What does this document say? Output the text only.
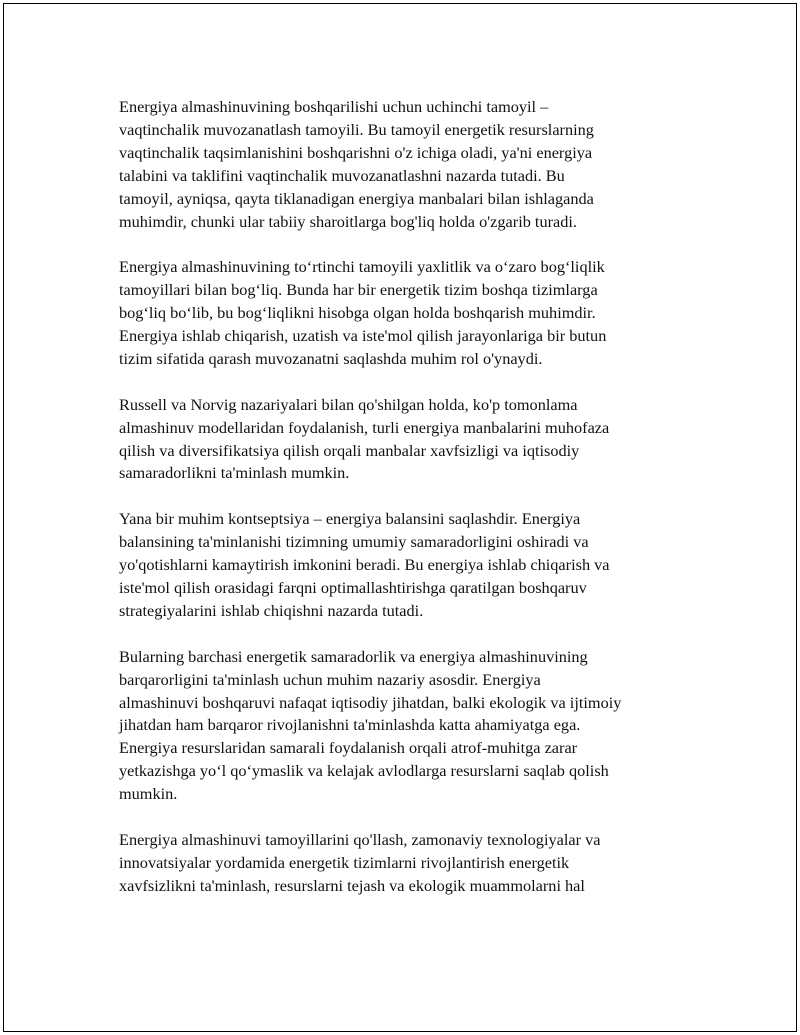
Energiya almashinuvining boshqarilishi uchun uchinchi tamoyil –
vaqtinchalik muvozanatlash tamoyili. Bu tamoyil energetik resurslarning
vaqtinchalik taqsimlanishini boshqarishni o'z ichiga oladi, ya'ni energiya
talabini va taklifini vaqtinchalik muvozanatlashni nazarda tutadi. Bu
tamoyil, ayniqsa, qayta tiklanadigan energiya manbalari bilan ishlaganda
muhimdir, chunki ular tabiiy sharoitlarga bog'liq holda o'zgarib turadi.

Energiya almashinuvining to‘rtinchi tamoyili yaxlitlik va o‘zaro bog‘liqlik
tamoyillari bilan bog‘liq. Bunda har bir energetik tizim boshqa tizimlarga
bog‘liq bo‘lib, bu bog‘liqlikni hisobga olgan holda boshqarish muhimdir.
Energiya ishlab chiqarish, uzatish va iste'mol qilish jarayonlariga bir butun
tizim sifatida qarash muvozanatni saqlashda muhim rol o'ynaydi.

Russell va Norvig nazariyalari bilan qo'shilgan holda, ko'p tomonlama
almashinuv modellaridan foydalanish, turli energiya manbalarini muhofaza
qilish va diversifikatsiya qilish orqali manbalar xavfsizligi va iqtisodiy
samaradorlikni ta'minlash mumkin.

Yana bir muhim kontseptsiya – energiya balansini saqlashdir. Energiya
balansining ta'minlanishi tizimning umumiy samaradorligini oshiradi va
yo'qotishlarni kamaytirish imkonini beradi. Bu energiya ishlab chiqarish va
iste'mol qilish orasidagi farqni optimallashtirishga qaratilgan boshqaruv
strategiyalarini ishlab chiqishni nazarda tutadi.

Bularning barchasi energetik samaradorlik va energiya almashinuvining
barqarorligini ta'minlash uchun muhim nazariy asosdir. Energiya
almashinuvi boshqaruvi nafaqat iqtisodiy jihatdan, balki ekologik va ijtimoiy
jihatdan ham barqaror rivojlanishni ta'minlashda katta ahamiyatga ega.
Energiya resurslaridan samarali foydalanish orqali atrof-muhitga zarar
yetkazishga yo‘l qo‘ymaslik va kelajak avlodlarga resurslarni saqlab qolish
mumkin.

Energiya almashinuvi tamoyillarini qo'llash, zamonaviy texnologiyalar va
innovatsiyalar yordamida energetik tizimlarni rivojlantirish energetik
xavfsizlikni ta'minlash, resurslarni tejash va ekologik muammolarni hal
